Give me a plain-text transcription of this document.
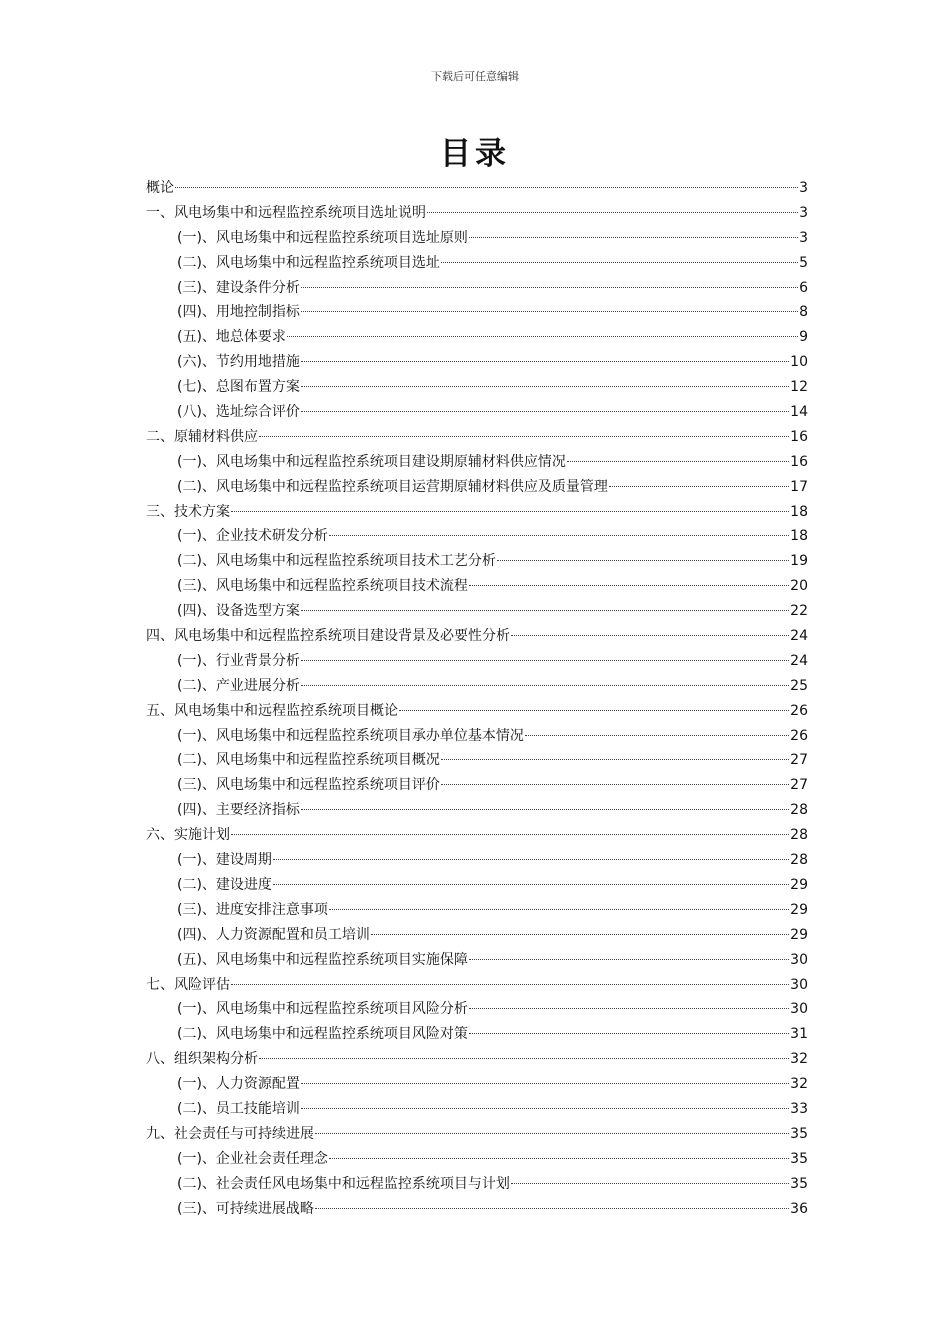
下载后可任意编辑
目录
概论	3
一、风电场集中和远程监控系统项目选址说明	3
(一)、风电场集中和远程监控系统项目选址原则	3
(二)、风电场集中和远程监控系统项目选址	5
(三)、建设条件分析	6
(四)、用地控制指标	8
(五)、地总体要求	9
(六)、节约用地措施	10
(七)、总图布置方案	12
(八)、选址综合评价	14
二、原辅材料供应	16
(一)、风电场集中和远程监控系统项目建设期原辅材料供应情况	16
(二)、风电场集中和远程监控系统项目运营期原辅材料供应及质量管理	17
三、技术方案	18
(一)、企业技术研发分析	18
(二)、风电场集中和远程监控系统项目技术工艺分析	19
(三)、风电场集中和远程监控系统项目技术流程	20
(四)、设备选型方案	22
四、风电场集中和远程监控系统项目建设背景及必要性分析	24
(一)、行业背景分析	24
(二)、产业进展分析	25
五、风电场集中和远程监控系统项目概论	26
(一)、风电场集中和远程监控系统项目承办单位基本情况	26
(二)、风电场集中和远程监控系统项目概况	27
(三)、风电场集中和远程监控系统项目评价	27
(四)、主要经济指标	28
六、实施计划	28
(一)、建设周期	28
(二)、建设进度	29
(三)、进度安排注意事项	29
(四)、人力资源配置和员工培训	29
(五)、风电场集中和远程监控系统项目实施保障	30
七、风险评估	30
(一)、风电场集中和远程监控系统项目风险分析	30
(二)、风电场集中和远程监控系统项目风险对策	31
八、组织架构分析	32
(一)、人力资源配置	32
(二)、员工技能培训	33
九、社会责任与可持续进展	35
(一)、企业社会责任理念	35
(二)、社会责任风电场集中和远程监控系统项目与计划	35
(三)、可持续进展战略	36
